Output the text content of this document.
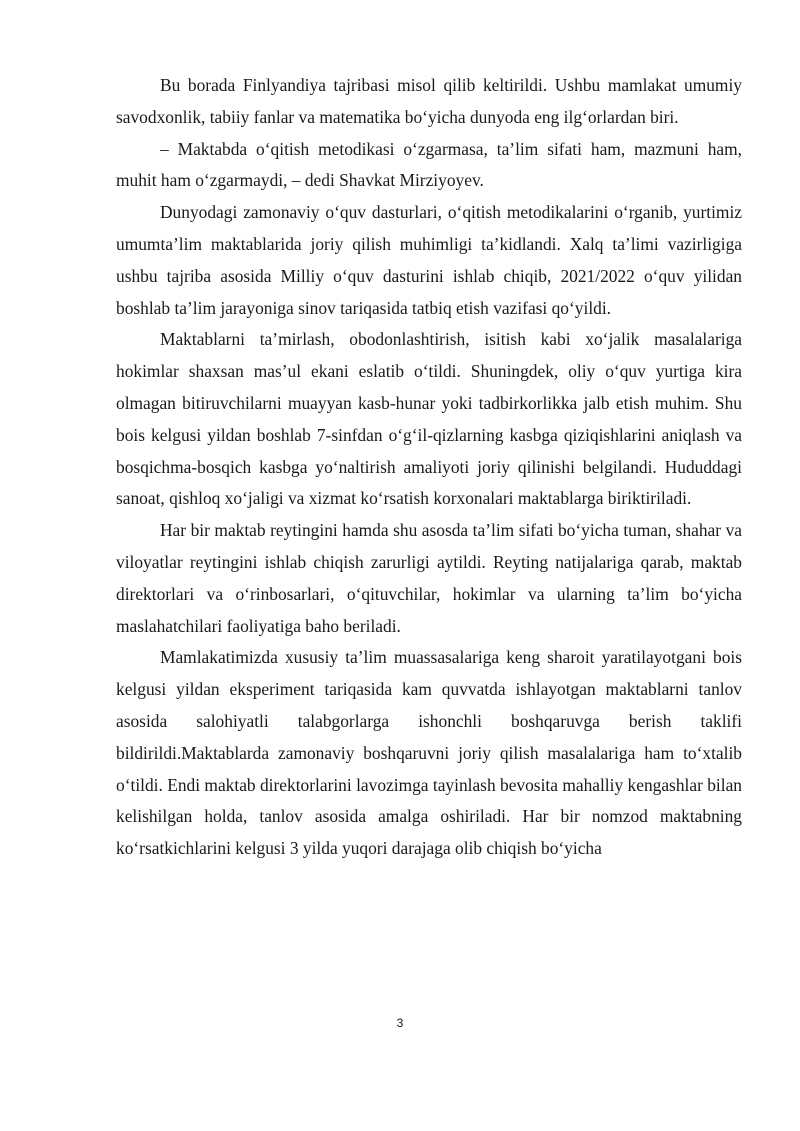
Bu borada Finlyandiya tajribasi misol qilib keltirildi. Ushbu mamlakat umumiy savodxonlik, tabiiy fanlar va matematika bo‘yicha dunyoda eng ilg‘orlardan biri.

– Maktabda o‘qitish metodikasi o‘zgarmasa, ta’lim sifati ham, mazmuni ham, muhit ham o‘zgarmaydi, – dedi Shavkat Mirziyoyev.

Dunyodagi zamonaviy o‘quv dasturlari, o‘qitish metodikalarini o‘rganib, yurtimiz umumta’lim maktablarida joriy qilish muhimligi ta’kidlandi. Xalq ta’limi vazirligiga ushbu tajriba asosida Milliy o‘quv dasturini ishlab chiqib, 2021/2022 o‘quv yilidan boshlab ta’lim jarayoniga sinov tariqasida tatbiq etish vazifasi qo‘yildi.

Maktablarni ta’mirlash, obodonlashtirish, isitish kabi xo‘jalik masalalariga hokimlar shaxsan mas’ul ekani eslatib o‘tildi. Shuningdek, oliy o‘quv yurtiga kira olmagan bitiruvchilarni muayyan kasb-hunar yoki tadbirkorlikka jalb etish muhim. Shu bois kelgusi yildan boshlab 7-sinfdan o‘g‘il-qizlarning kasbga qiziqishlarini aniqlash va bosqichma-bosqich kasbga yo‘naltirish amaliyoti joriy qilinishi belgilandi. Hududdagi sanoat, qishloq xo‘jaligi va xizmat ko‘rsatish korxonalari maktablarga biriktiriladi.

Har bir maktab reytingini hamda shu asosda ta’lim sifati bo‘yicha tuman, shahar va viloyatlar reytingini ishlab chiqish zarurligi aytildi. Reyting natijalariga qarab, maktab direktorlari va o‘rinbosarlari, o‘qituvchilar, hokimlar va ularning ta’lim bo‘yicha maslahatchilari faoliyatiga baho beriladi.

Mamlakatimizda xususiy ta’lim muassasalariga keng sharoit yaratilayotgani bois kelgusi yildan eksperiment tariqasida kam quvvatda ishlayotgan maktablarni tanlov asosida salohiyatli talabgorlarga ishonchli boshqaruvga berish taklifi bildirildi.Maktablarda zamonaviy boshqaruvni joriy qilish masalalariga ham to‘xtalib o‘tildi. Endi maktab direktorlarini lavozimga tayinlash bevosita mahalliy kengashlar bilan kelishilgan holda, tanlov asosida amalga oshiriladi. Har bir nomzod maktabning ko‘rsatkichlarini kelgusi 3 yilda yuqori darajaga olib chiqish bo‘yicha

3
